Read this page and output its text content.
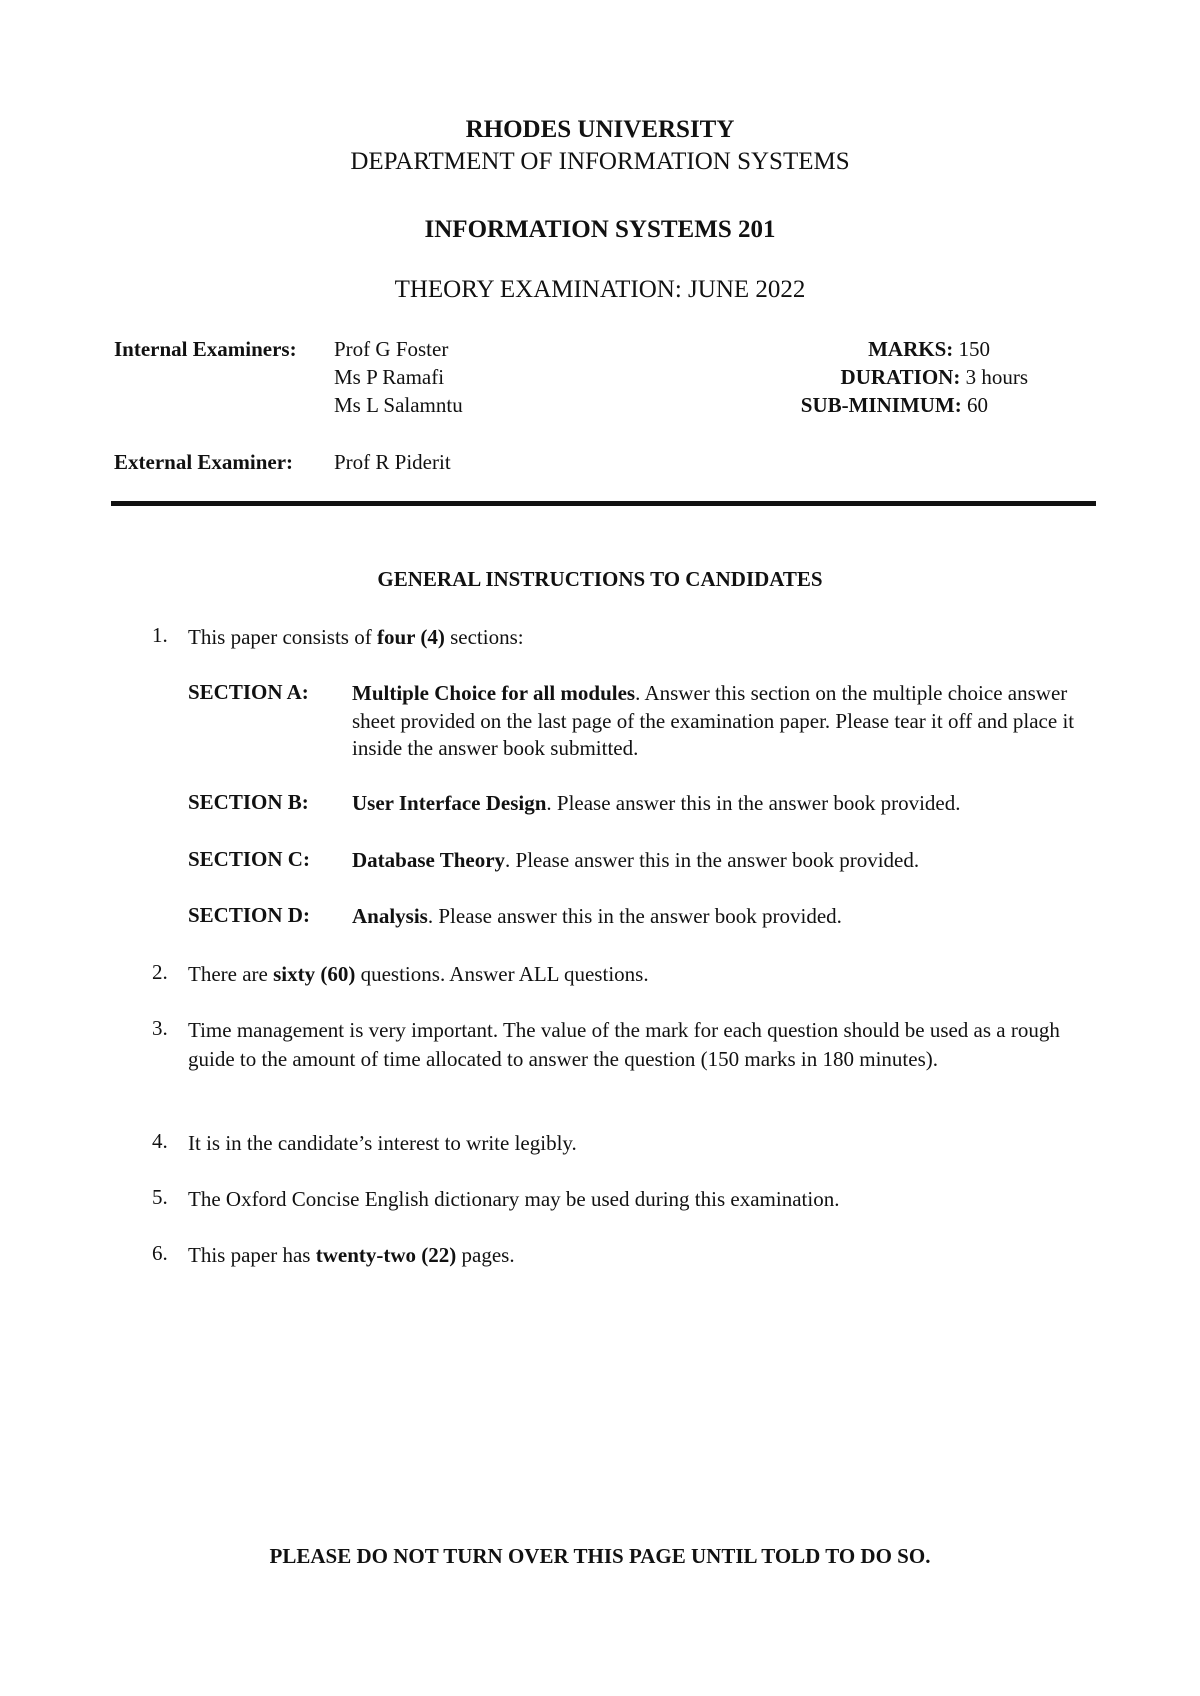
RHODES UNIVERSITY
DEPARTMENT OF INFORMATION SYSTEMS
INFORMATION SYSTEMS 201
THEORY EXAMINATION: JUNE 2022
Internal Examiners: Prof G Foster
Ms P Ramafi
Ms L Salamntu
External Examiner: Prof R Piderit
MARKS: 150
DURATION: 3 hours
SUB-MINIMUM: 60
GENERAL INSTRUCTIONS TO CANDIDATES
1. This paper consists of four (4) sections:
SECTION A: Multiple Choice for all modules. Answer this section on the multiple choice answer sheet provided on the last page of the examination paper. Please tear it off and place it inside the answer book submitted.
SECTION B: User Interface Design. Please answer this in the answer book provided.
SECTION C: Database Theory. Please answer this in the answer book provided.
SECTION D: Analysis. Please answer this in the answer book provided.
2. There are sixty (60) questions. Answer ALL questions.
3. Time management is very important. The value of the mark for each question should be used as a rough guide to the amount of time allocated to answer the question (150 marks in 180 minutes).
4. It is in the candidate’s interest to write legibly.
5. The Oxford Concise English dictionary may be used during this examination.
6. This paper has twenty-two (22) pages.
PLEASE DO NOT TURN OVER THIS PAGE UNTIL TOLD TO DO SO.
